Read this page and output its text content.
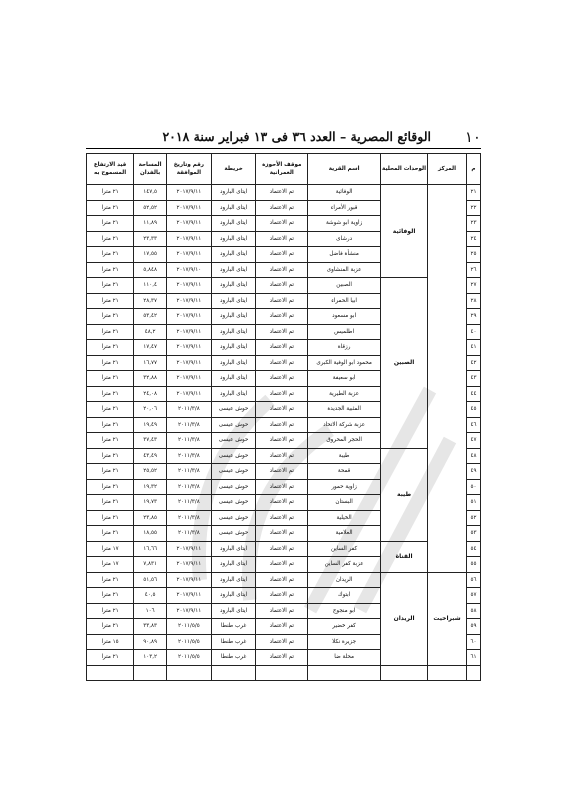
١٠
الوقائع المصرية – العدد ٣٦ فى ١٣ فبراير سنة ٢٠١٨
م	المركز	الوحدات المحلية	اسم القرية	موقف الأحوزة العمرانية	خريطة	رقم وتاريخ الموافقة	المساحة بالفدان	قيد الارتفاع المسموح به
٢١		الوفائية	الوفائية	تم الاعتماد	ايتاى البارود	٢٠١٧/٩/١١	١٤٧,٥	٢١ مترا
٢٢			قبور الأمراء	تم الاعتماد	ايتاى البارود	٢٠١٧/٩/١١	٥٢,٥٢	٢١ مترا
٢٣			زاوية ابو شوشة	تم الاعتماد	ايتاى البارود	٢٠١٧/٩/١١	١١,٨٩	٢١ مترا
٢٤			درشاى	تم الاعتماد	ايتاى البارود	٢٠١٧/٩/١١	٢٣,٣٣	٢١ مترا
٢٥			منشأة فاضل	تم الاعتماد	ايتاى البارود	٢٠١٧/٩/١١	١٧,٥٥	٢١ مترا
٢٦			عزبة المنشاوى	تم الاعتماد	ايتاى البارود	٢٠١٧/٩/١٠	٥,٨٤٨	٢١ مترا
٢٧		الصبين	الصبين	تم الاعتماد	ايتاى البارود	٢٠١٧/٩/١١	١١٠,٤	٢١ مترا
٢٨			ابيا الحمراء	تم الاعتماد	ايتاى البارود	٢٠١٧/٩/١١	٢٨,٣٧	٢١ مترا
٢٩			ابو مسعود	تم الاعتماد	ايتاى البارود	٢٠١٧/٩/١١	٥٣,٤٢	٢١ مترا
٤٠			اطلميس	تم الاعتماد	ايتاى البارود	٢٠١٧/٩/١١	٤٨,٢	٢١ مترا
٤١			رزقاة	تم الاعتماد	ايتاى البارود	٢٠١٧/٩/١١	١٧,٤٧	٢١ مترا
٤٢			محمود ابو الوفية الكبرى	تم الاعتماد	ايتاى البارود	٢٠١٧/٩/١١	١٦,٧٧	٢١ مترا
٤٣			ابو سعيفة	تم الاعتماد	ايتاى البارود	٢٠١٧/٩/١١	٣٢,٨٨	٢١ مترا
٤٤			عزبة الطيرية	تم الاعتماد	ايتاى البارود	٢٠١٧/٩/١١	٢٤,٠٨	٢١ مترا
٤٥			المثبية الجديدة	تم الاعتماد	حوش عيسى	٢٠١١/٣/٨	٢٠,٠٦	٢١ مترا
٤٦			عزبة شركة الاتحاد	تم الاعتماد	حوش عيسى	٢٠١١/٣/٨	١٩,٤٩	٢١ مترا
٤٧			الحجر المحروق	تم الاعتماد	حوش عيسى	٢٠١١/٣/٨	٣٧,٤٣	٢١ مترا
٤٨		طيبة	طيبة	تم الاعتماد	حوش عيسى	٢٠١١/٣/٨	٤٣,٤٩	٢١ مترا
٤٩			قمحة	تم الاعتماد	حوش عيسى	٢٠١١/٣/٨	٢٥,٥٢	٢١ مترا
٥٠			زاوية حمور	تم الاعتماد	حوش عيسى	٢٠١١/٣/٨	١٩,٣٢	٢١ مترا
٥١			البستان	تم الاعتماد	حوش عيسى	٢٠١١/٣/٨	١٩,٧٣	٢١ مترا
٥٢			الخيلية	تم الاعتماد	حوش عيسى	٢٠١١/٣/٨	٢٣,٨٥	٢١ مترا
٥٣			العلامية	تم الاعتماد	حوش عيسى	٢٠١١/٣/٨	١٨,٥٥	٢١ مترا
٥٤		القناة	كفر الساين	تم الاعتماد	ايتاى البارود	٢٠١٧/٩/١١	١٦,٦٦	١٧ مترا
٥٥			عزبة كفر الساين	تم الاعتماد	ايتاى البارود	٢٠١٧/٩/١١	٧,٨٣١	١٧ مترا
٥٦	شبراخيت	الريدان	الريدان	تم الاعتماد	ايتاى البارود	٢٠١٧/٩/١١	٥١,٥٦	٢١ مترا
٥٧			ابتوك	تم الاعتماد	ايتاى البارود	٢٠١٧/٩/١١	٤٠,٥	٢١ مترا
٥٨			ابو منجوج	تم الاعتماد	ايتاى البارود	٢٠١٧/٩/١١	١٠٦	٢١ مترا
٥٩			كفر خضير	تم الاعتماد	غرب طنطا	٢٠١١/٥/٥	٣٣,٨٣	٢١ مترا
٦٠			جزيرة نكلا	تم الاعتماد	غرب طنطا	٢٠١١/٥/٥	٩٠,٨٩	١٥ مترا
٦١			محلة ضا	تم الاعتماد	غرب طنطا	٢٠١١/٥/٥	١٠٣,٢	٢١ مترا
